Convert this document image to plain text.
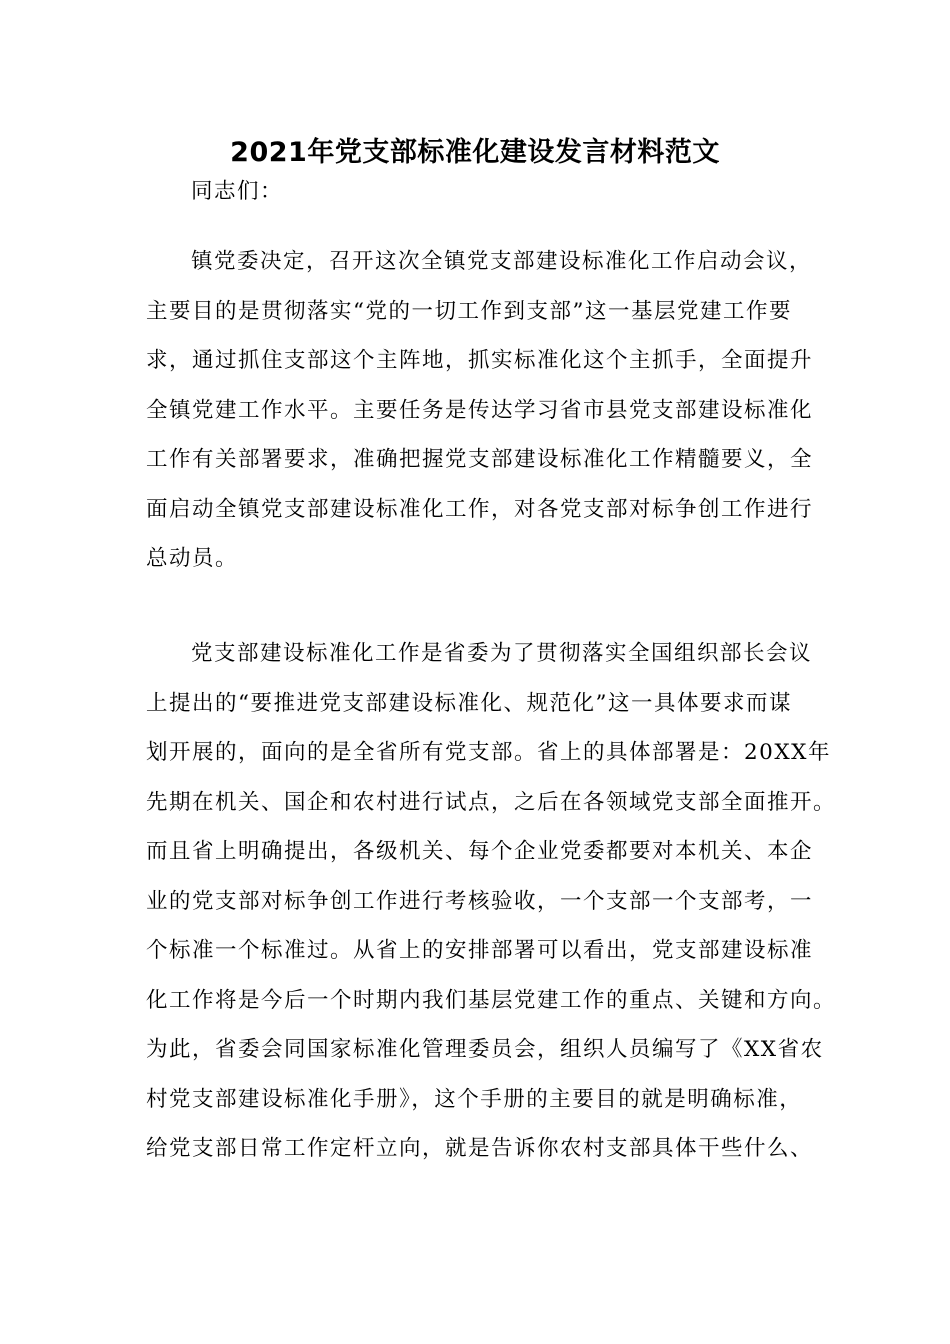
2021年党支部标准化建设发言材料范文
同志们：
镇党委决定，召开这次全镇党支部建设标准化工作启动会议，
主要目的是贯彻落实“党的一切工作到支部”这一基层党建工作要
求，通过抓住支部这个主阵地，抓实标准化这个主抓手，全面提升
全镇党建工作水平。主要任务是传达学习省市县党支部建设标准化
工作有关部署要求，准确把握党支部建设标准化工作精髓要义，全
面启动全镇党支部建设标准化工作，对各党支部对标争创工作进行
总动员。
党支部建设标准化工作是省委为了贯彻落实全国组织部长会议
上提出的“要推进党支部建设标准化、规范化”这一具体要求而谋
划开展的，面向的是全省所有党支部。省上的具体部署是：20XX年
先期在机关、国企和农村进行试点，之后在各领域党支部全面推开。
而且省上明确提出，各级机关、每个企业党委都要对本机关、本企
业的党支部对标争创工作进行考核验收，一个支部一个支部考，一
个标准一个标准过。从省上的安排部署可以看出，党支部建设标准
化工作将是今后一个时期内我们基层党建工作的重点、关键和方向。
为此，省委会同国家标准化管理委员会，组织人员编写了《XX省农
村党支部建设标准化手册》，这个手册的主要目的就是明确标准，
给党支部日常工作定杆立向，就是告诉你农村支部具体干些什么、
